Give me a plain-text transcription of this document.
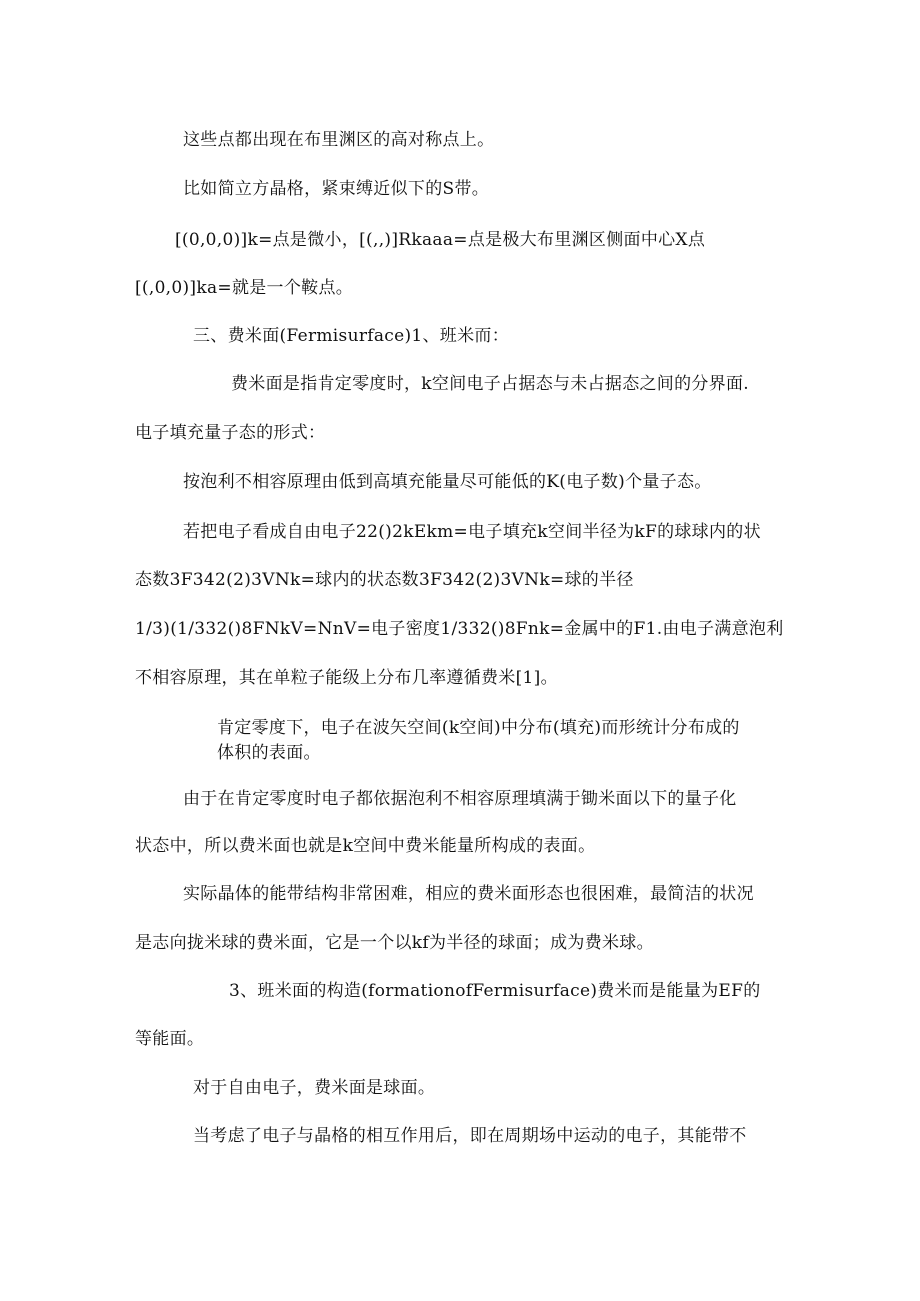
这些点都出现在布里渊区的高对称点上。
比如简立方晶格，紧束缚近似下的S带。
[(0,0,0)]k=点是微小，[(,,)]Rkaaa=点是极大布里渊区侧面中心X点
[(,0,0)]ka=就是一个鞍点。
三、费米面(Fermisurface)1、班米而：
费米面是指肯定零度时，k空间电子占据态与未占据态之间的分界面.
电子填充量子态的形式：
按泡利不相容原理由低到高填充能量尽可能低的K(电子数)个量子态。
若把电子看成自由电子22()2kEkm=电子填充k空间半径为kF的球球内的状
态数3F342(2)3VNk=球内的状态数3F342(2)3VNk=球的半径
1/3)(1/332()8FNkV=NnV=电子密度1/332()8Fnk=金属中的F1.由电子满意泡利
不相容原理，其在单粒子能级上分布几率遵循费米[1]。
肯定零度下，电子在波矢空间(k空间)中分布(填充)而形统计分布成的
体积的表面。
由于在肯定零度时电子都依据泡利不相容原理填满于锄米面以下的量子化
状态中，所以费米面也就是k空间中费米能量所构成的表面。
实际晶体的能带结构非常困难，相应的费米面形态也很困难，最简洁的状况
是志向拢米球的费米面，它是一个以kf为半径的球面；成为费米球。
3、班米面的构造(formationofFermisurface)费米而是能量为EF的
等能面。
对于自由电子，费米面是球面。
当考虑了电子与晶格的相互作用后，即在周期场中运动的电子，其能带不
